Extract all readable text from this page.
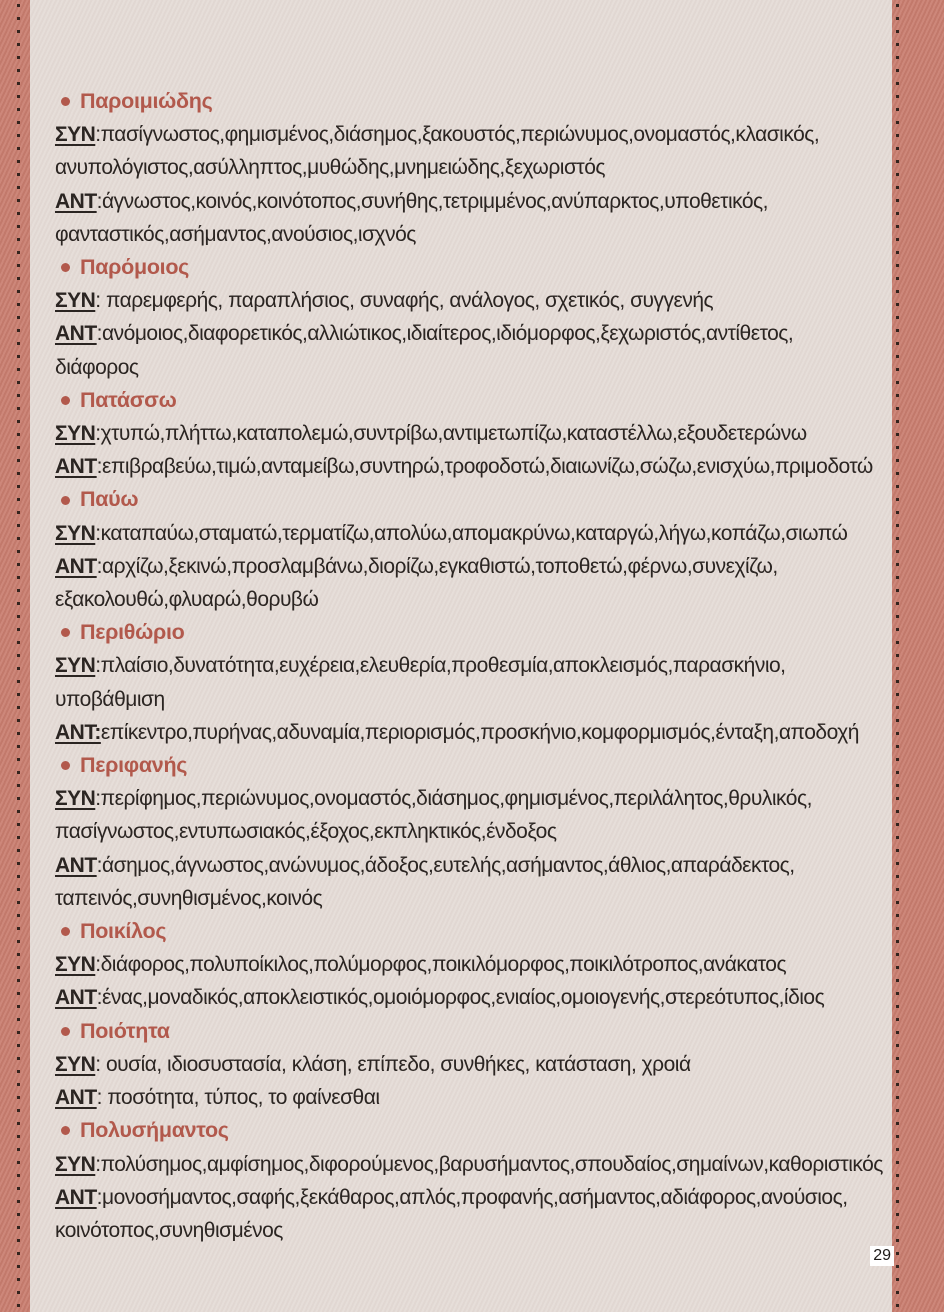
Παροιμιώδης
ΣΥΝ:πασίγνωστος,φημισμένος,διάσημος,ξακουστός,περιώνυμος,ονομαστός,κλασικός,
ανυπολόγιστος,ασύλληπτος,μυθώδης,μνημειώδης,ξεχωριστός
ΑΝΤ:άγνωστος,κοινός,κοινότοπος,συνήθης,τετριμμένος,ανύπαρκτος,υποθετικός,
φανταστικός,ασήμαντος,ανούσιος,ισχνός
Παρόμοιος
ΣΥΝ: παρεμφερής, παραπλήσιος, συναφής, ανάλογος, σχετικός, συγγενής
ΑΝΤ:ανόμοιος,διαφορετικός,αλλιώτικος,ιδιαίτερος,ιδιόμορφος,ξεχωριστός,αντίθετος,
διάφορος
Πατάσσω
ΣΥΝ:χτυπώ,πλήττω,καταπολεμώ,συντρίβω,αντιμετωπίζω,καταστέλλω,εξουδετερώνω
ΑΝΤ:επιβραβεύω,τιμώ,ανταμείβω,συντηρώ,τροφοδοτώ,διαιωνίζω,σώζω,ενισχύω,πριμοδοτώ
Παύω
ΣΥΝ:καταπαύω,σταματώ,τερματίζω,απολύω,απομακρύνω,καταργώ,λήγω,κοπάζω,σιωπώ
ΑΝΤ:αρχίζω,ξεκινώ,προσλαμβάνω,διορίζω,εγκαθιστώ,τοποθετώ,φέρνω,συνεχίζω,
εξακολουθώ,φλυαρώ,θορυβώ
Περιθώριο
ΣΥΝ:πλαίσιο,δυνατότητα,ευχέρεια,ελευθερία,προθεσμία,αποκλεισμός,παρασκήνιο,
υποβάθμιση
ΑΝΤ:επίκεντρο,πυρήνας,αδυναμία,περιορισμός,προσκήνιο,κομφορμισμός,ένταξη,αποδοχή
Περιφανής
ΣΥΝ:περίφημος,περιώνυμος,ονομαστός,διάσημος,φημισμένος,περιλάλητος,θρυλικός,
πασίγνωστος,εντυπωσιακός,έξοχος,εκπληκτικός,ένδοξος
ΑΝΤ:άσημος,άγνωστος,ανώνυμος,άδοξος,ευτελής,ασήμαντος,άθλιος,απαράδεκτος,
ταπεινός,συνηθισμένος,κοινός
Ποικίλος
ΣΥΝ:διάφορος,πολυποίκιλος,πολύμορφος,ποικιλόμορφος,ποικιλότροπος,ανάκατος
ΑΝΤ:ένας,μοναδικός,αποκλειστικός,ομοιόμορφος,ενιαίος,ομοιογενής,στερεότυπος,ίδιος
Ποιότητα
ΣΥΝ: ουσία, ιδιοσυστασία, κλάση, επίπεδο, συνθήκες, κατάσταση, χροιά
ΑΝΤ: ποσότητα, τύπος, το φαίνεσθαι
Πολυσήμαντος
ΣΥΝ:πολύσημος,αμφίσημος,διφορούμενος,βαρυσήμαντος,σπουδαίος,σημαίνων,καθοριστικός
ΑΝΤ:μονοσήμαντος,σαφής,ξεκάθαρος,απλός,προφανής,ασήμαντος,αδιάφορος,ανούσιος,
κοινότοπος,συνηθισμένος
29
